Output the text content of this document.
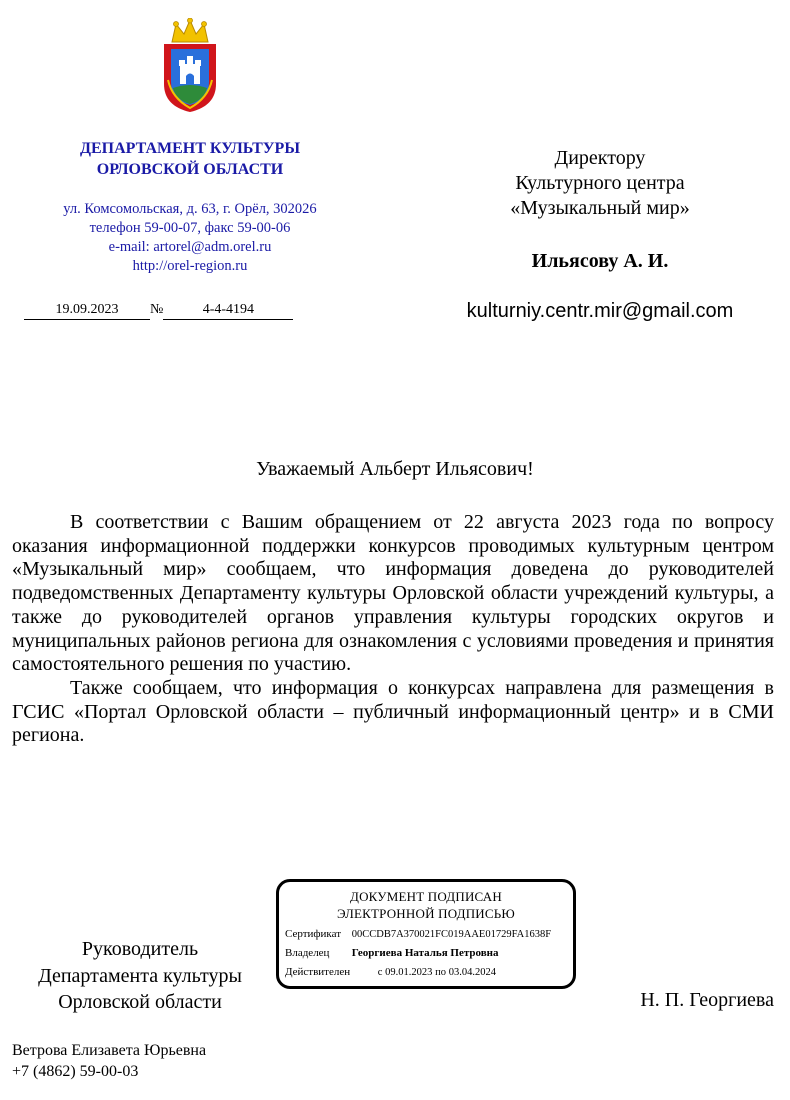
ДЕПАРТАМЕНТ КУЛЬТУРЫ
ОРЛОВСКОЙ ОБЛАСТИ
ул. Комсомольская, д. 63, г. Орёл, 302026
телефон 59-00-07, факс 59-00-06
e-mail: artorel@adm.orel.ru
http://orel-region.ru
19.09.2023 №	4-4-4194
Директору
Культурного центра
«Музыкальный мир»
Ильясову А. И.
kulturniy.centr.mir@gmail.com
Уважаемый Альберт Ильясович!

В соответствии с Вашим обращением от 22 августа 2023 года по вопросу оказания информационной поддержки конкурсов проводимых культурным центром «Музыкальный мир» сообщаем, что информация доведена до руководителей подведомственных Департаменту культуры Орловской области учреждений культуры, а также до руководителей органов управления культуры городских округов и муниципальных районов региона для ознакомления с условиями проведения и принятия самостоятельного решения по участию.

Также сообщаем, что информация о конкурсах направлена для размещения в ГСИС «Портал Орловской области – публичный информационный центр» и в СМИ региона.

ДОКУМЕНТ ПОДПИСАН
ЭЛЕКТРОННОЙ ПОДПИСЬЮ
Сертификат 00CCDB7A370021FC019AAE01729FA1638F
Владелец Георгиева Наталья Петровна
Действителен	с 09.01.2023 по 03.04.2024
Руководитель
Департамента культуры
Орловской области	Н. П. Георгиева
Ветрова Елизавета Юрьевна
+7 (4862) 59-00-03
